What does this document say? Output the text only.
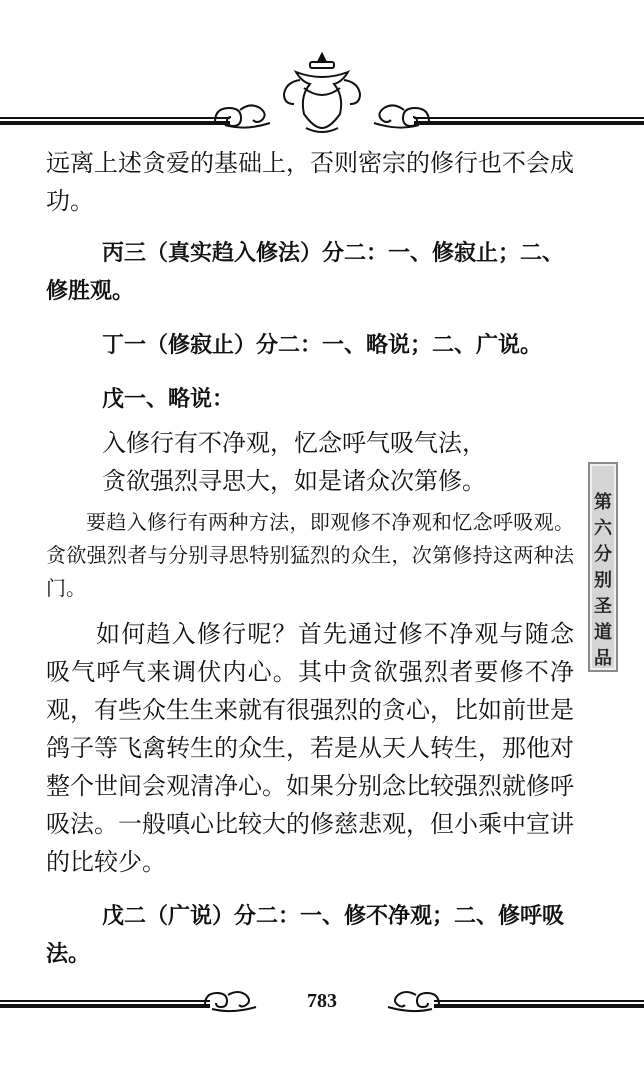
远离上述贪爱的基础上，否则密宗的修行也不会成功。

丙三（真实趋入修法）分二：一、修寂止；二、修胜观。

丁一（修寂止）分二：一、略说；二、广说。

戊一、略说：

入修行有不净观，忆念呼气吸气法，

贪欲强烈寻思大，如是诸众次第修。

要趋入修行有两种方法，即观修不净观和忆念呼吸观。贪欲强烈者与分别寻思特别猛烈的众生，次第修持这两种法门。

如何趋入修行呢？首先通过修不净观与随念吸气呼气来调伏内心。其中贪欲强烈者要修不净观，有些众生生来就有很强烈的贪心，比如前世是鸽子等飞禽转生的众生，若是从天人转生，那他对整个世间会观清净心。如果分别念比较强烈就修呼吸法。一般嗔心比较大的修慈悲观，但小乘中宣讲的比较少。

戊二（广说）分二：一、修不净观；二、修呼吸法。

第六分别圣道品
783
